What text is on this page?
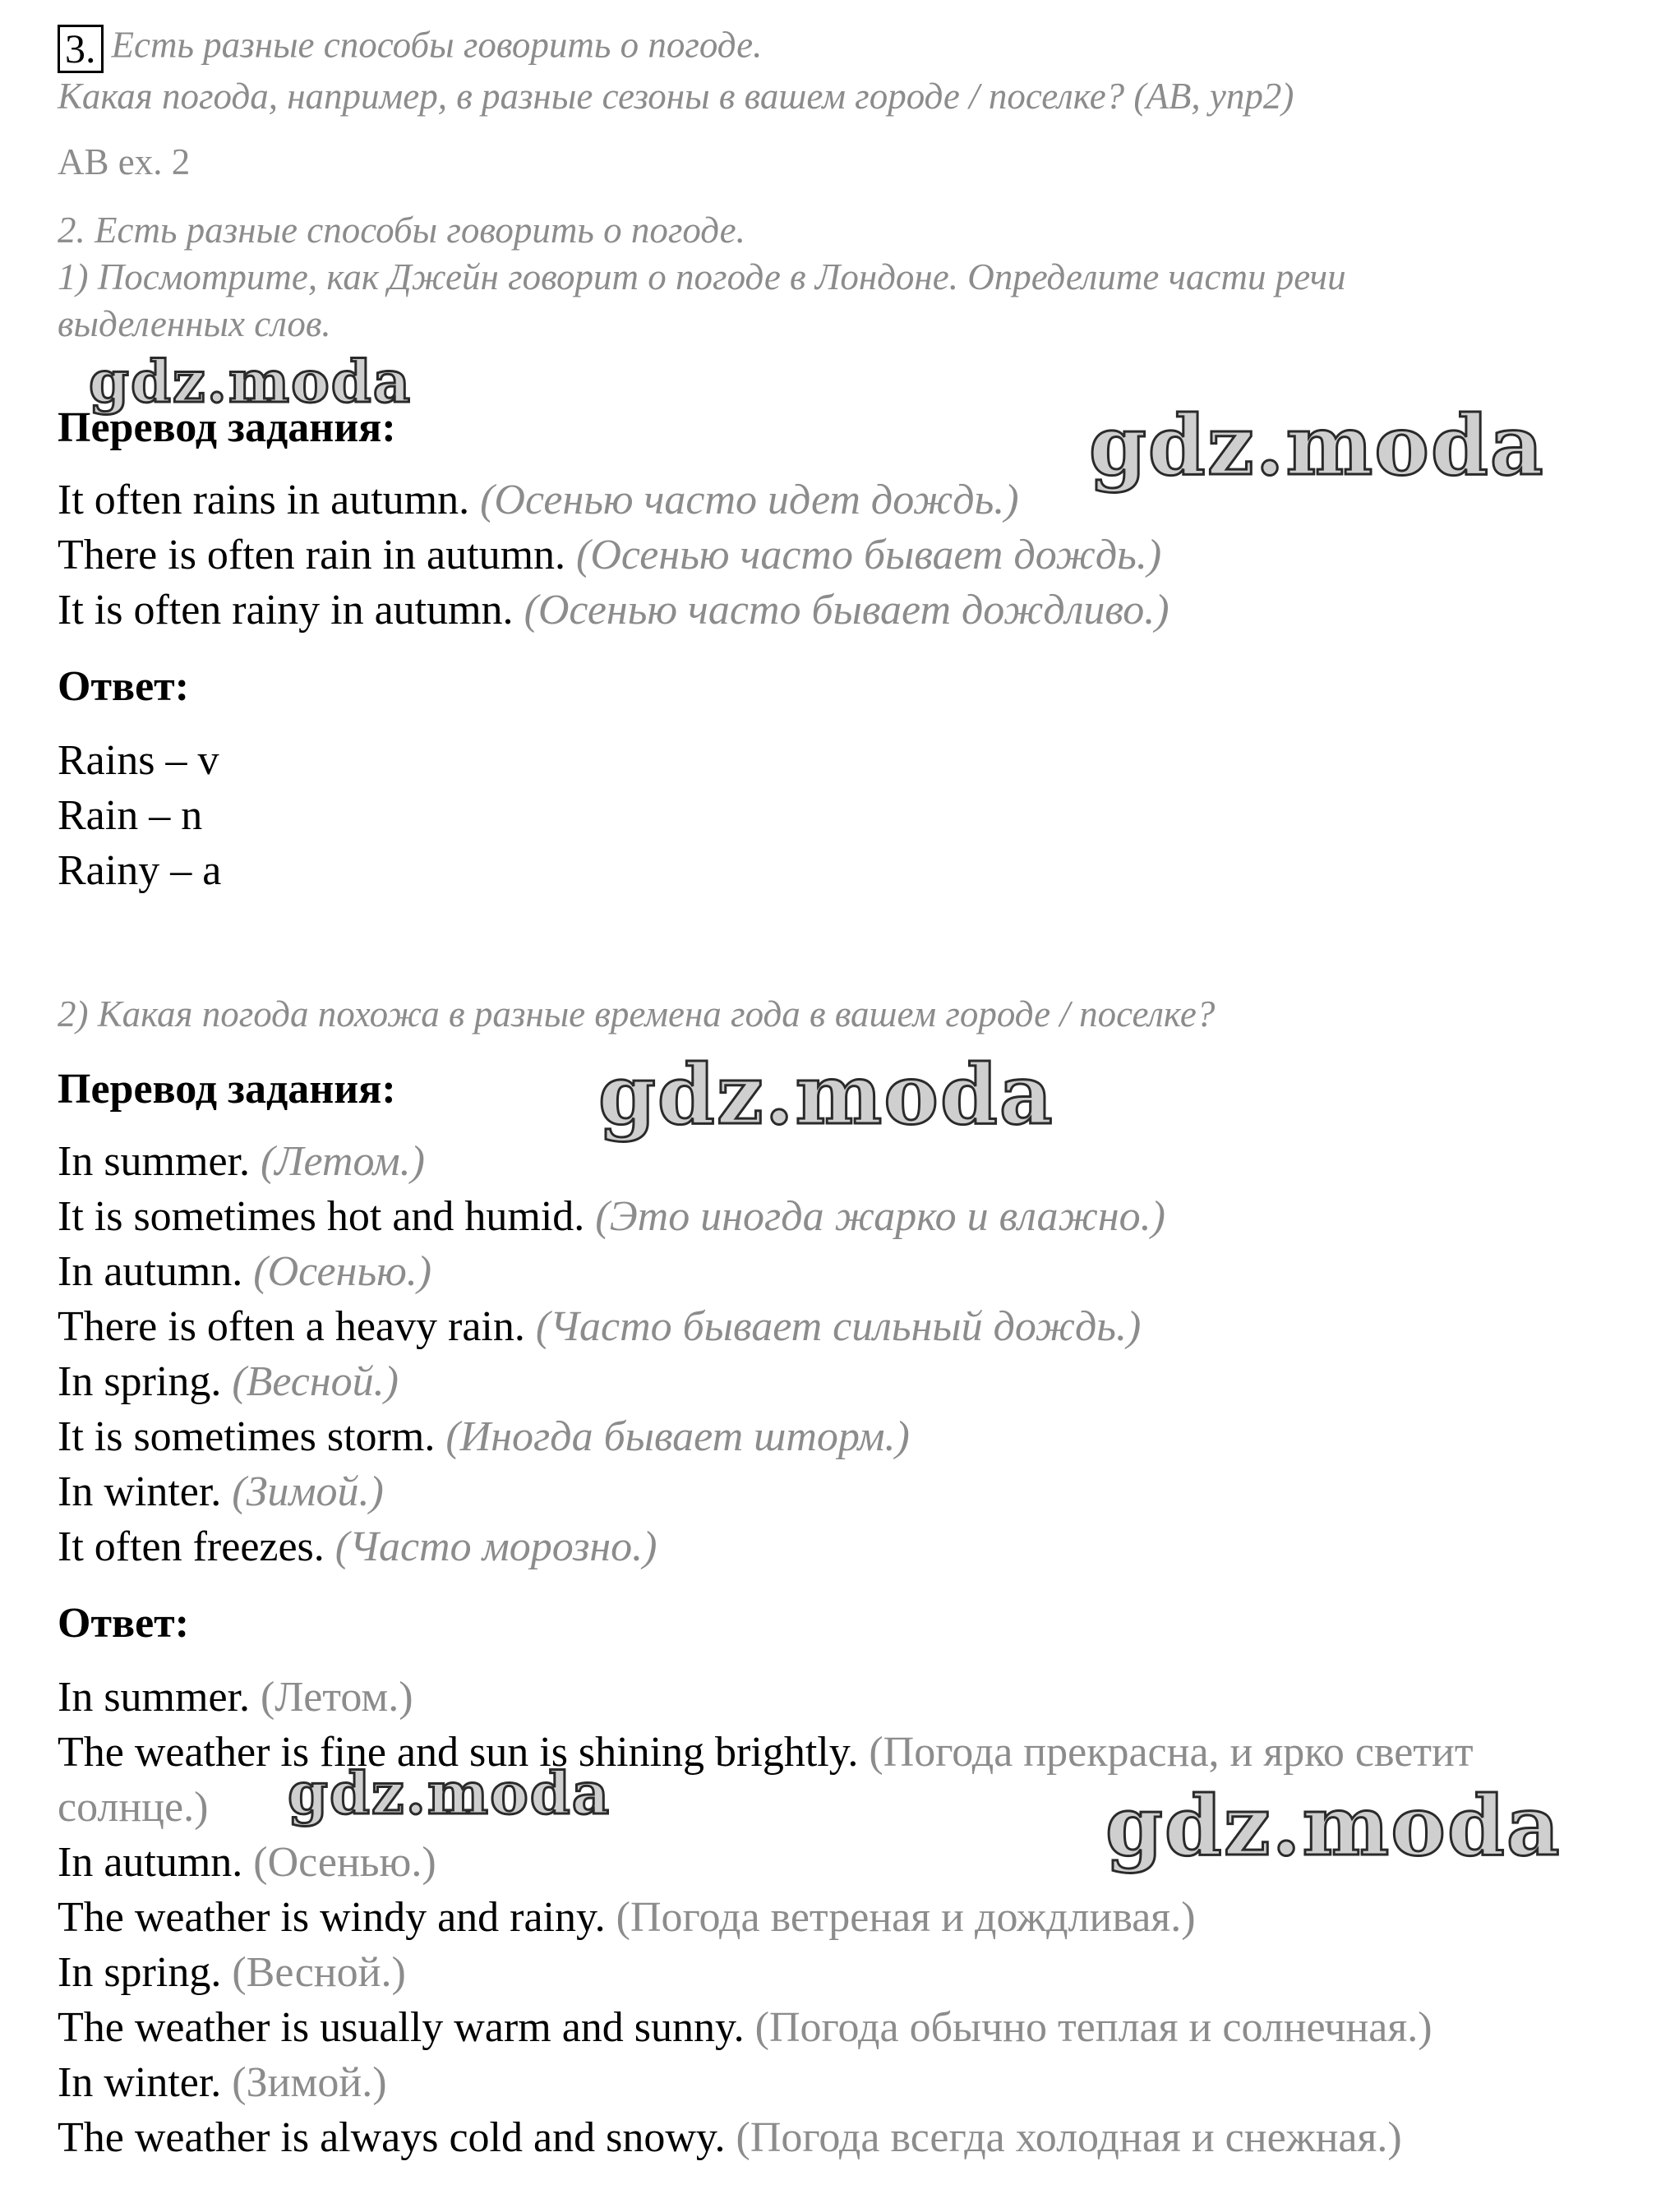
3. Есть разные способы говорить о погоде.
Какая погода, например, в разные сезоны в вашем городе / поселке? (AB, упр2)
AB ex. 2
2. Есть разные способы говорить о погоде.
1) Посмотрите, как Джейн говорит о погоде в Лондоне. Определите части речи
выделенных слов.
Перевод задания:
It often rains in autumn. (Осенью часто идет дождь.)
There is often rain in autumn. (Осенью часто бывает дождь.)
It is often rainy in autumn. (Осенью часто бывает дождливо.)
Ответ:
Rains – v
Rain – n
Rainy – a
2) Какая погода похожа в разные времена года в вашем городе / поселке?
Перевод задания:
In summer. (Летом.)
It is sometimes hot and humid. (Это иногда жарко и влажно.)
In autumn. (Осенью.)
There is often a heavy rain. (Часто бывает сильный дождь.)
In spring. (Весной.)
It is sometimes storm. (Иногда бывает шторм.)
In winter. (Зимой.)
It often freezes. (Часто морозно.)
Ответ:
In summer. (Летом.)
The weather is fine and sun is shining brightly. (Погода прекрасна, и ярко светит
солнце.)
In autumn. (Осенью.)
The weather is windy and rainy. (Погода ветреная и дождливая.)
In spring. (Весной.)
The weather is usually warm and sunny. (Погода обычно теплая и солнечная.)
In winter. (Зимой.)
The weather is always cold and snowy. (Погода всегда холодная и снежная.)
gdz.moda
gdz.moda
gdz.moda
gdz.moda	gdz.moda
